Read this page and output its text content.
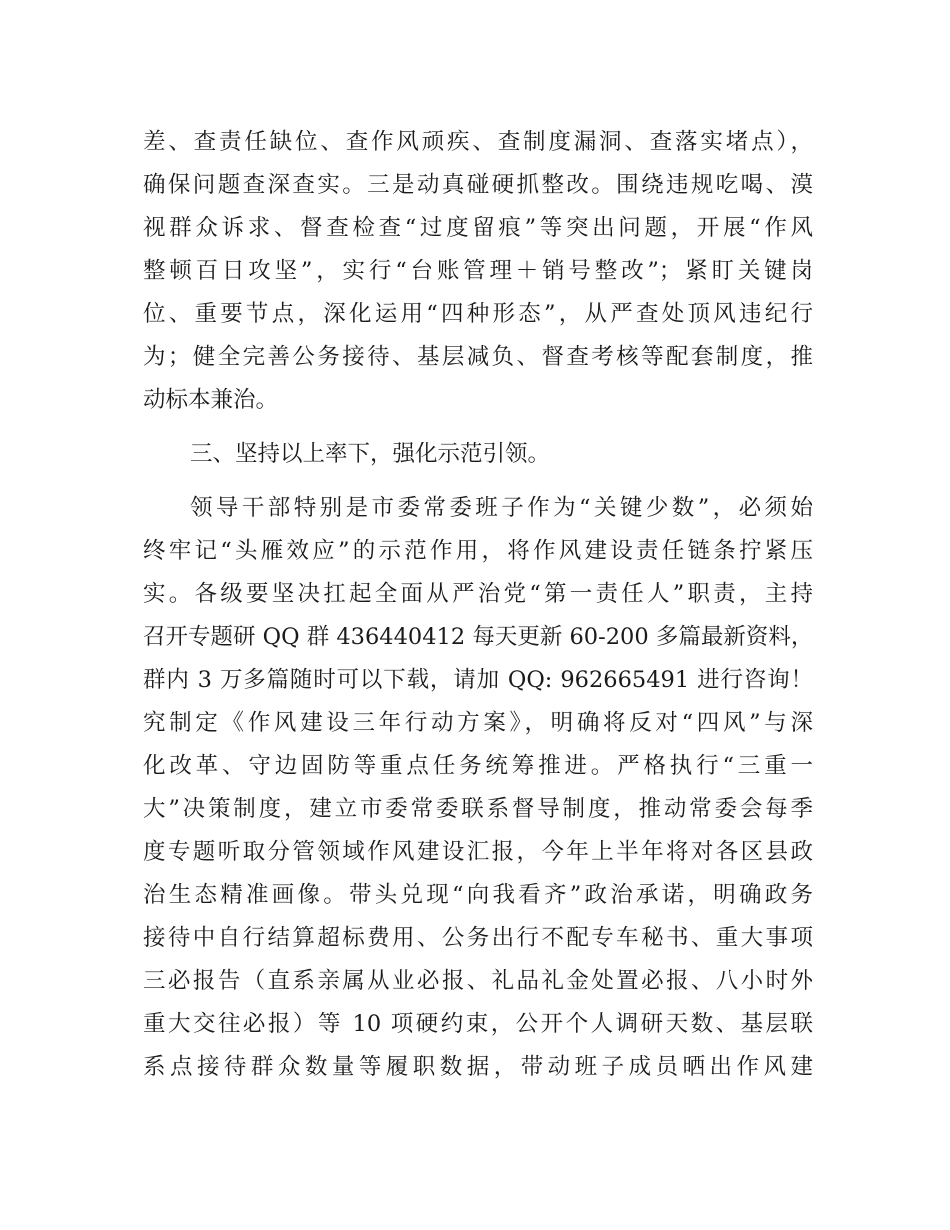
差、查责任缺位、查作风顽疾、查制度漏洞、查落实堵点），
确保问题查深查实。三是动真碰硬抓整改。围绕违规吃喝、漠
视群众诉求、督查检查“过度留痕”等突出问题，开展“作风
整顿百日攻坚”，实行“台账管理＋销号整改”；紧盯关键岗
位、重要节点，深化运用“四种形态”，从严查处顶风违纪行
为；健全完善公务接待、基层减负、督查考核等配套制度，推
动标本兼治。
三、坚持以上率下，强化示范引领。
领导干部特别是市委常委班子作为“关键少数”，必须始
终牢记“头雁效应”的示范作用，将作风建设责任链条拧紧压
实。各级要坚决扛起全面从严治党“第一责任人”职责，主持
召开专题研 QQ 群 436440412 每天更新 60-200 多篇最新资料，
群内 3 万多篇随时可以下载，请加 QQ: 962665491 进行咨询！
究制定《作风建设三年行动方案》，明确将反对“四风”与深
化改革、守边固防等重点任务统筹推进。严格执行“三重一
大”决策制度，建立市委常委联系督导制度，推动常委会每季
度专题听取分管领域作风建设汇报，今年上半年将对各区县政
治生态精准画像。带头兑现“向我看齐”政治承诺，明确政务
接待中自行结算超标费用、公务出行不配专车秘书、重大事项
三必报告（直系亲属从业必报、礼品礼金处置必报、八小时外
重大交往必报）等 10 项硬约束，公开个人调研天数、基层联
系点接待群众数量等履职数据，带动班子成员晒出作风建
